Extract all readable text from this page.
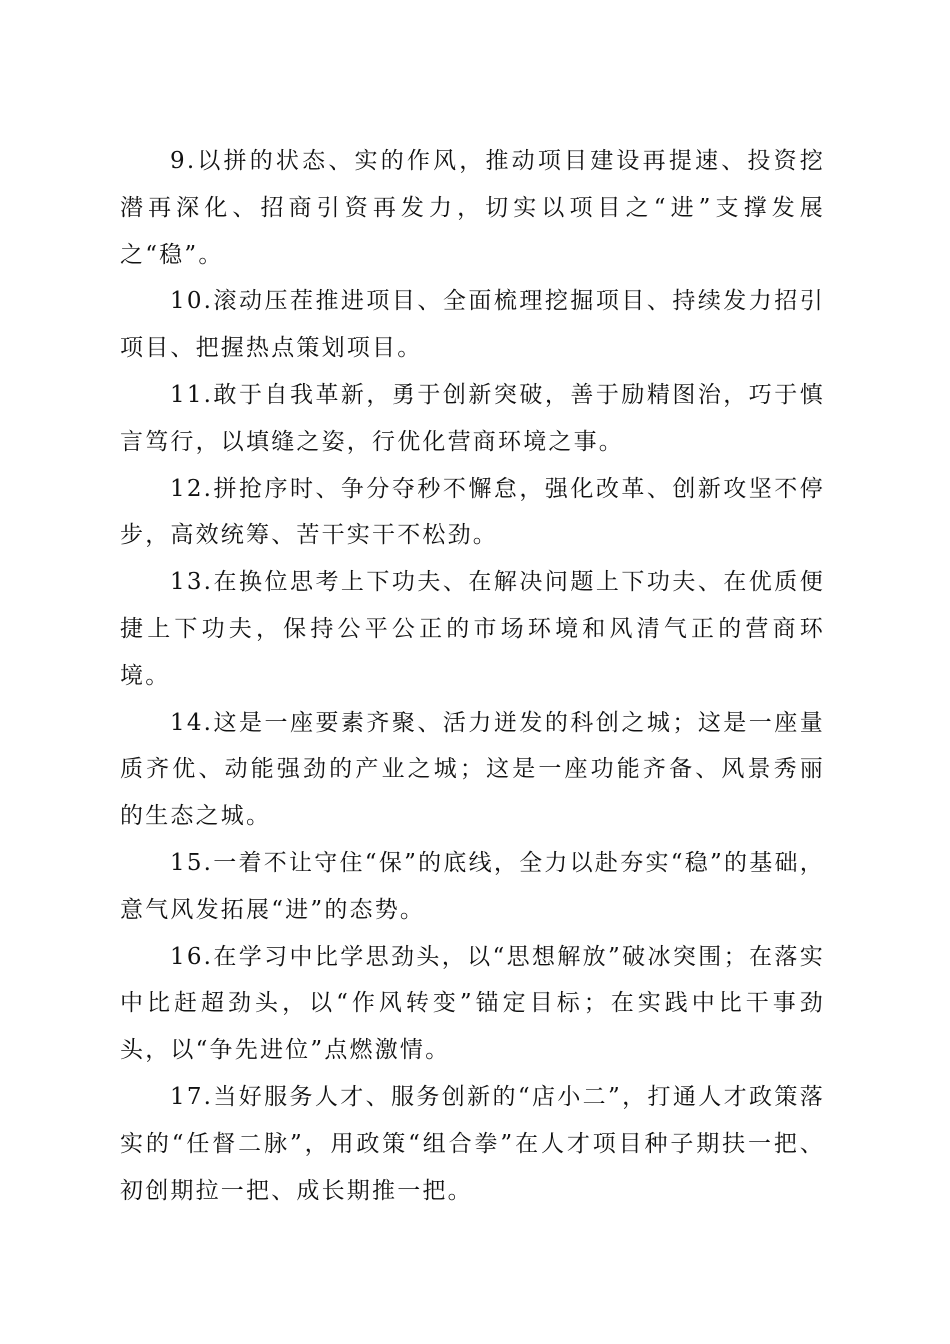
9.以拼的状态、实的作风，推动项目建设再提速、投资挖潜再深化、招商引资再发力，切实以项目之“进”支撑发展之“稳”。

10.滚动压茬推进项目、全面梳理挖掘项目、持续发力招引项目、把握热点策划项目。

11.敢于自我革新，勇于创新突破，善于励精图治，巧于慎言笃行，以填缝之姿，行优化营商环境之事。

12.拼抢序时、争分夺秒不懈怠，强化改革、创新攻坚不停步，高效统筹、苦干实干不松劲。

13.在换位思考上下功夫、在解决问题上下功夫、在优质便捷上下功夫，保持公平公正的市场环境和风清气正的营商环境。

14.这是一座要素齐聚、活力迸发的科创之城；这是一座量质齐优、动能强劲的产业之城；这是一座功能齐备、风景秀丽的生态之城。

15.一着不让守住“保”的底线，全力以赴夯实“稳”的基础，意气风发拓展“进”的态势。

16.在学习中比学思劲头，以“思想解放”破冰突围；在落实中比赶超劲头，以“作风转变”锚定目标；在实践中比干事劲头，以“争先进位”点燃激情。

17.当好服务人才、服务创新的“店小二”，打通人才政策落实的“任督二脉”，用政策“组合拳”在人才项目种子期扶一把、初创期拉一把、成长期推一把。
